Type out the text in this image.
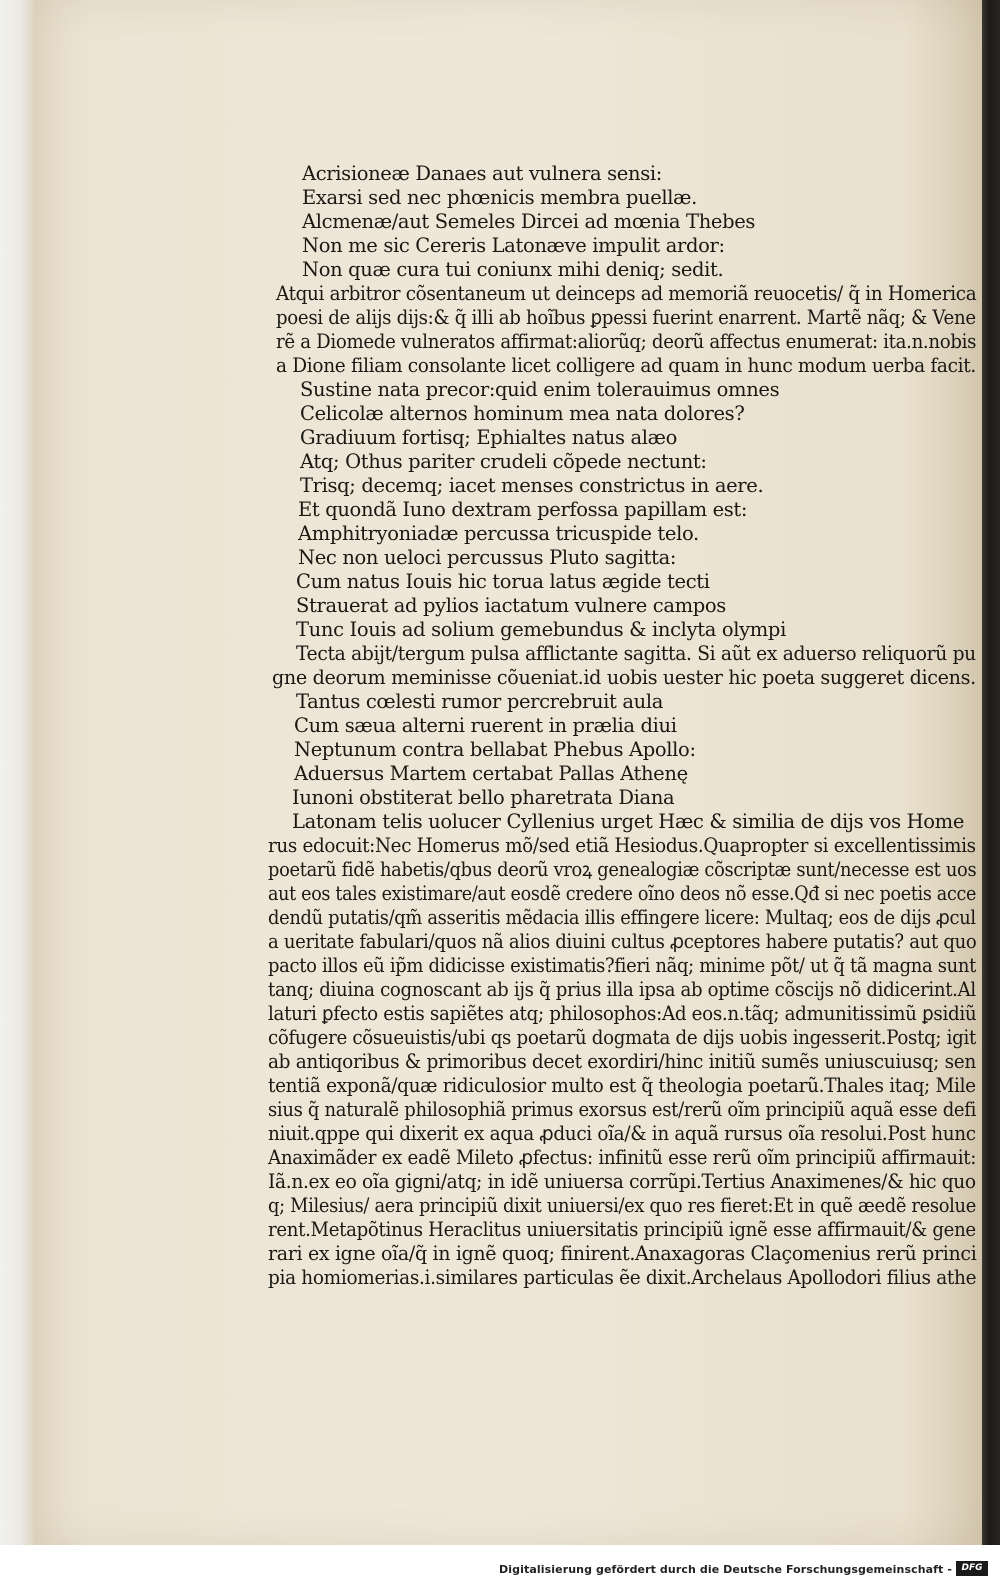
Acrisioneæ Danaes aut vulnera sensi:
Exarsi sed nec phœnicis membra puellæ.
Alcmenæ/aut Semeles Dircei ad mœnia Thebes
Non me sic Cereris Latonæve impulit ardor:
Non quæ cura tui coniunx mihi deniq; sedit.
Atqui arbitror cõsentaneum ut deinceps ad memoriã reuocetis/ q̃ in Homerica
poesi de aliјs dijs:& q̃ illi ab hoĩbus ꝑpessi fuerint enarrent. Martẽ nãq; & Vene
rẽ a Diomede vulneratos affirmat:aliorũq; deorũ affectus enumerat: ita.n.nobis
a Dione filiam consolante licet colligere ad quam in hunc modum uerba facit.
Sustine nata precor:quid enim tolerauimus omnes
Celicolæ alternos hominum mea nata dolores?
Gradiuum fortisq; Ephialtes natus alæo
Atq; Othus pariter crudeli cõpede nectunt:
Trisq; decemq; iacet menses constrictus in aere.
Et quondã Iuno dextram perfossa papillam est:
Amphitryoniadæ percussa tricuspide telo.
Nec non ueloci percussus Pluto sagitta:
Cum natus Iouis hic torua latus ægide tecti
Strauerat ad pylios iactatum vulnere campos
Tunc Iouis ad solium gemebundus & inclyta olympi
Tecta abijt/tergum pulsa afflictante sagitta. Si aũt ex aduerso reliquorũ pu
gne deorum meminisse cõueniat.id uobis uester hic poeta suggeret dicens.
Tantus cœlesti rumor percrebruit aula
Cum sæua alterni ruerent in prælia diui
Neptunum contra bellabat Phebus Apollo:
Aduersus Martem certabat Pallas Athenę
Iunoni obstiterat bello pharetrata Diana
Latonam telis uolucer Cyllenius urget Hæc & similia de dijs vos Home
rus edocuit:Nec Homerus mõ/sed etiã Hesiodus.Quapropter si excellentissimis
poetarũ fidẽ habetis/qbus deorũ vroꝝ genealogiæ cõscriptæ sunt/necesse est uos
aut eos tales existimare/aut eosdẽ credere oĩno deos nõ esse.Qđ si nec poetis acce
dendũ putatis/qm̃ asseritis mẽdacia illis effingere licere: Multaq; eos de dijs ꝓcul
a ueritate fabulari/quos nã alios diuini cultus ꝓceptores habere putatis? aut quo
pacto illos eũ ip̃m didicisse existimatis?fieri nãq; minime põt/ ut q̃ tã magna sunt
tanq; diuina cognoscant ab ijs q̃ prius illa ipsa ab optime cõscijs nõ didicerint.Al
laturi ꝑfecto estis sapiẽtes atq; philosophos:Ad eos.n.tãq; admunitissimũ ꝑsidiũ
cõfugere cõsueuistis/ubi qs poetarũ dogmata de dijs uobis ingesserit.Postq; igit
ab antiqoribus & primoribus decet exordiri/hinc initiũ sumẽs uniuscuiusq; sen
tentiã exponã/quæ ridiculosior multo est q̃ theologia poetarũ.Thales itaq; Mile
sius q̃ naturalẽ philosophiã primus exorsus est/rerũ oĩm principiũ aquã esse defi
niuit.qppe qui dixerit ex aqua ꝓduci oĩa/& in aquã rursus oĩa resolui.Post hunc
Anaximãder ex eadẽ Mileto ꝓfectus: infinitũ esse rerũ oĩm principiũ affirmauit:
Iã.n.ex eo oĩa gigni/atq; in idẽ uniuersa corrũpi.Tertius Anaximenes/& hic quo
q; Milesius/ aera principiũ dixit uniuersi/ex quo res fieret:Et in quẽ æedẽ resolue
rent.Metapõtinus Heraclitus uniuersitatis principiũ ignẽ esse affirmauit/& gene
rari ex igne oĩa/q̃ in ignẽ quoq; finirent.Anaxagoras Claçomenius rerũ princi
pia homiomerias.i.similares particulas ẽe dixit.Archelaus Apollodori filius athe
Digitalisierung gefördert durch die Deutsche Forschungsgemeinschaft -	DFG
